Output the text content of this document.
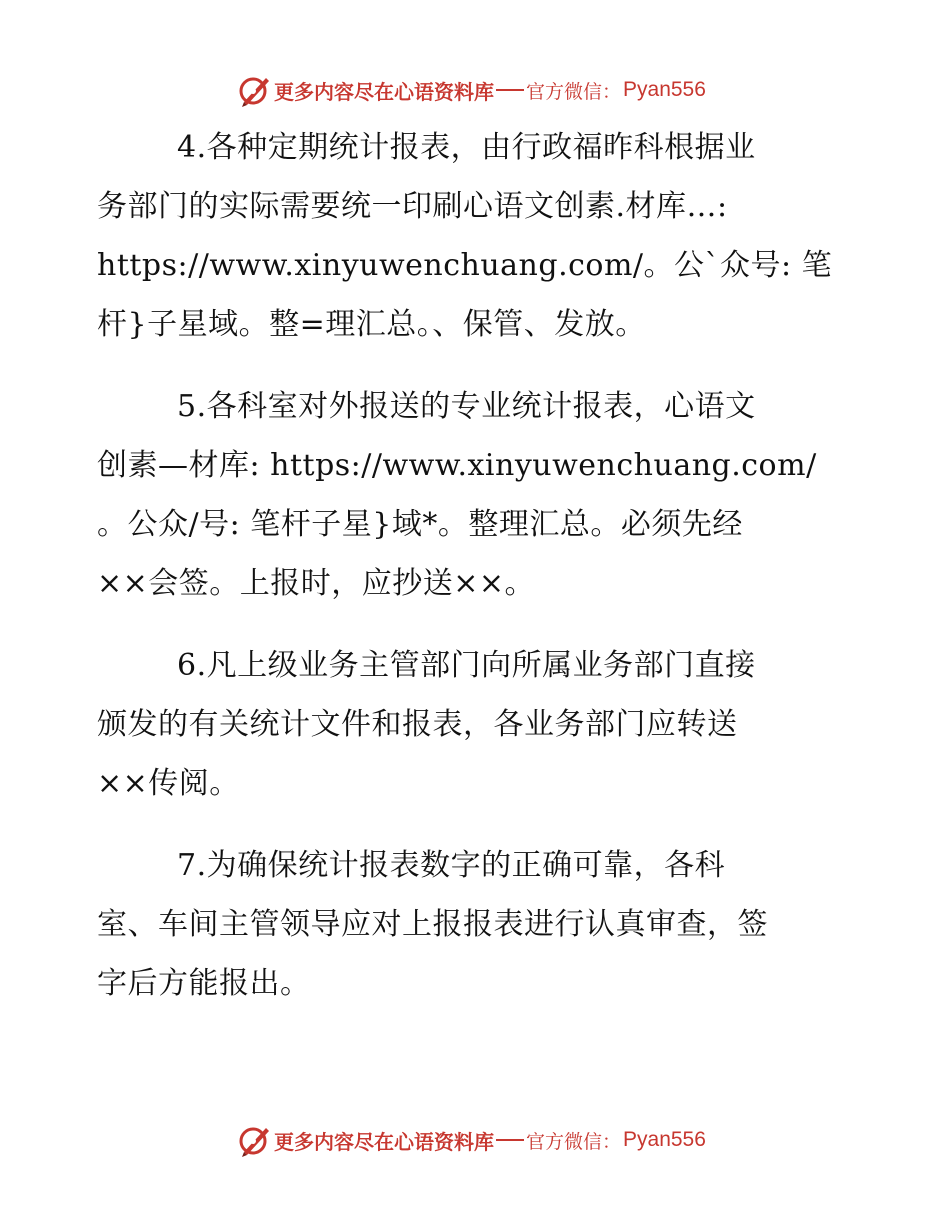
更多内容尽在心语资料库 官方微信： Pyan556
4.各种定期统计报表，由行政福昨科根据业
务部门的实际需要统一印刷心语文创素.材库…:
https://www.xinyuwenchuang.com/。公`众号: 笔
杆}子星域。整=理汇总。、保管、发放。
5.各科室对外报送的专业统计报表，心语文
创素—材库: https://www.xinyuwenchuang.com/
。公众/号: 笔杆子星}域*。整理汇总。必须先经
××会签。上报时，应抄送××。
6.凡上级业务主管部门向所属业务部门直接
颁发的有关统计文件和报表，各业务部门应转送
××传阅。
7.为确保统计报表数字的正确可靠，各科
室、车间主管领导应对上报报表进行认真审查，签
字后方能报出。
更多内容尽在心语资料库 官方微信： Pyan556
